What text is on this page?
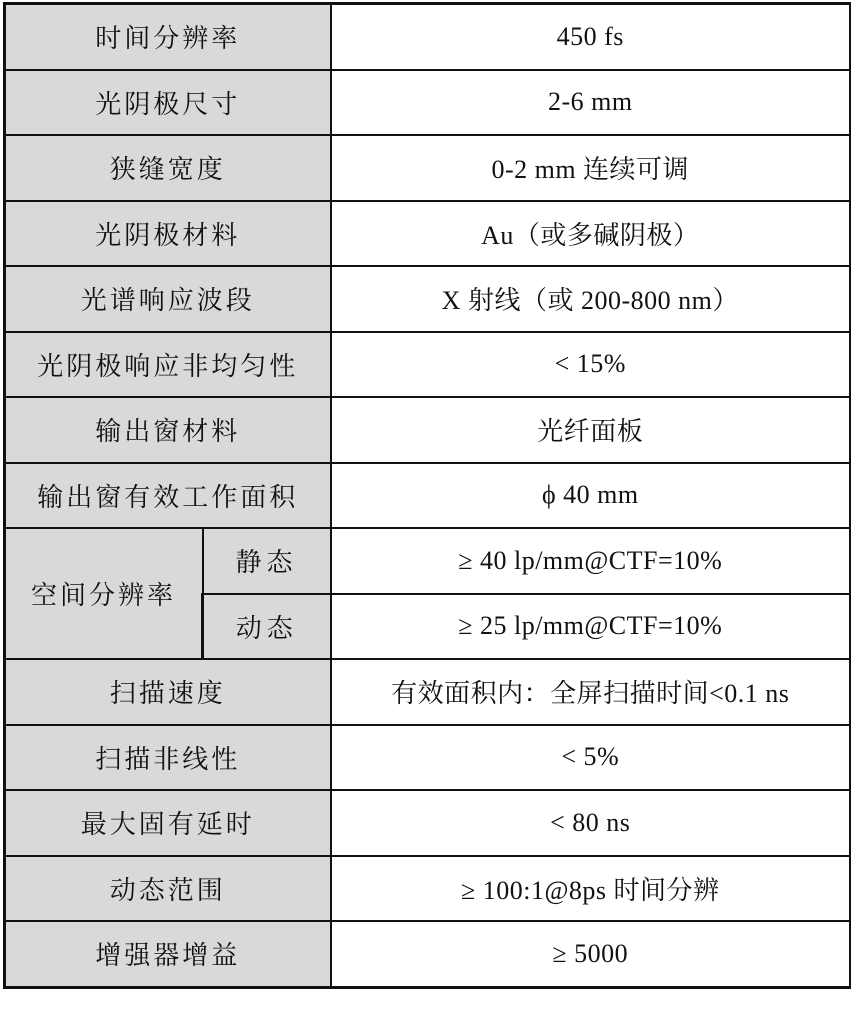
时间分辨率		450 fs
光阴极尺寸		2-6 mm
狭缝宽度		0-2 mm 连续可调
光阴极材料		Au（或多碱阴极）
光谱响应波段		X 射线（或 200-800 nm）
光阴极响应非均匀性		< 15%
输出窗材料		光纤面板
输出窗有效工作面积		ϕ 40 mm
空间分辨率	静态	≥ 40 lp/mm@CTF=10%
	动态	≥ 25 lp/mm@CTF=10%
扫描速度		有效面积内：全屏扫描时间<0.1 ns
扫描非线性		< 5%
最大固有延时		< 80 ns
动态范围		≥ 100:1@8ps 时间分辨
增强器增益		≥ 5000
